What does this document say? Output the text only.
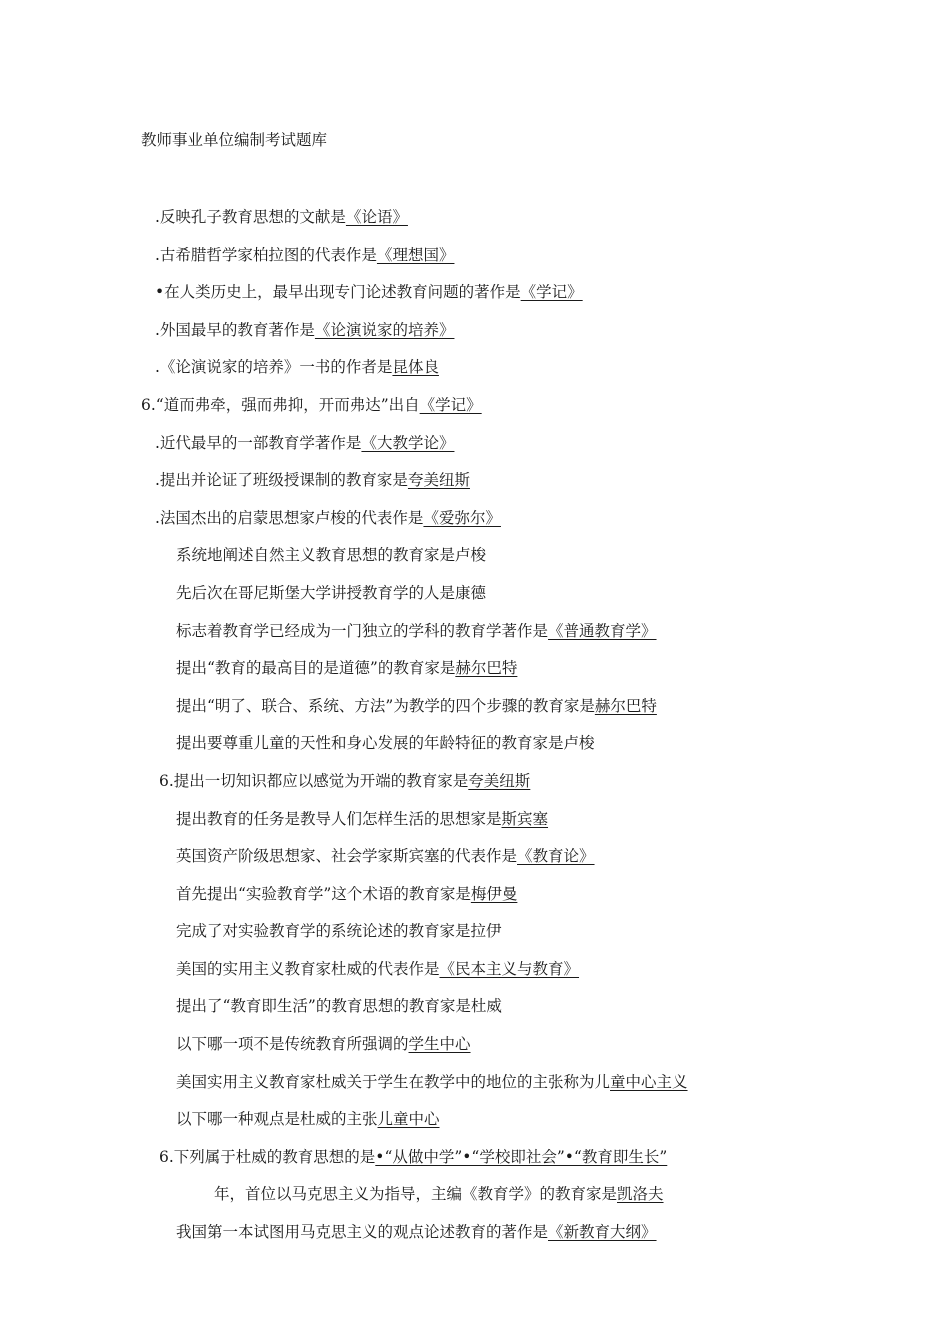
教师事业单位编制考试题库
.反映孔子教育思想的文献是《论语》
.古希腊哲学家柏拉图的代表作是《理想国》
•在人类历史上，最早出现专门论述教育问题的著作是《学记》
.外国最早的教育著作是《论演说家的培养》
.《论演说家的培养》一书的作者是昆体良
6.“道而弗牵，强而弗抑，开而弗达”出自《学记》
.近代最早的一部教育学著作是《大教学论》
.提出并论证了班级授课制的教育家是夸美纽斯
.法国杰出的启蒙思想家卢梭的代表作是《爱弥尔》
系统地阐述自然主义教育思想的教育家是卢梭
先后次在哥尼斯堡大学讲授教育学的人是康德
标志着教育学已经成为一门独立的学科的教育学著作是《普通教育学》
提出“教育的最高目的是道德”的教育家是赫尔巴特
提出“明了、联合、系统、方法”为教学的四个步骤的教育家是赫尔巴特
提出要尊重儿童的天性和身心发展的年龄特征的教育家是卢梭
6.提出一切知识都应以感觉为开端的教育家是夸美纽斯
提出教育的任务是教导人们怎样生活的思想家是斯宾塞
英国资产阶级思想家、社会学家斯宾塞的代表作是《教育论》
首先提出“实验教育学”这个术语的教育家是梅伊曼
完成了对实验教育学的系统论述的教育家是拉伊
美国的实用主义教育家杜威的代表作是《民本主义与教育》
提出了“教育即生活”的教育思想的教育家是杜威
以下哪一项不是传统教育所强调的学生中心
美国实用主义教育家杜威关于学生在教学中的地位的主张称为儿童中心主义
以下哪一种观点是杜威的主张儿童中心
6.下列属于杜威的教育思想的是•“从做中学”•“学校即社会”•“教育即生长”
年，首位以马克思主义为指导，主编《教育学》的教育家是凯洛夫
我国第一本试图用马克思主义的观点论述教育的著作是《新教育大纲》
